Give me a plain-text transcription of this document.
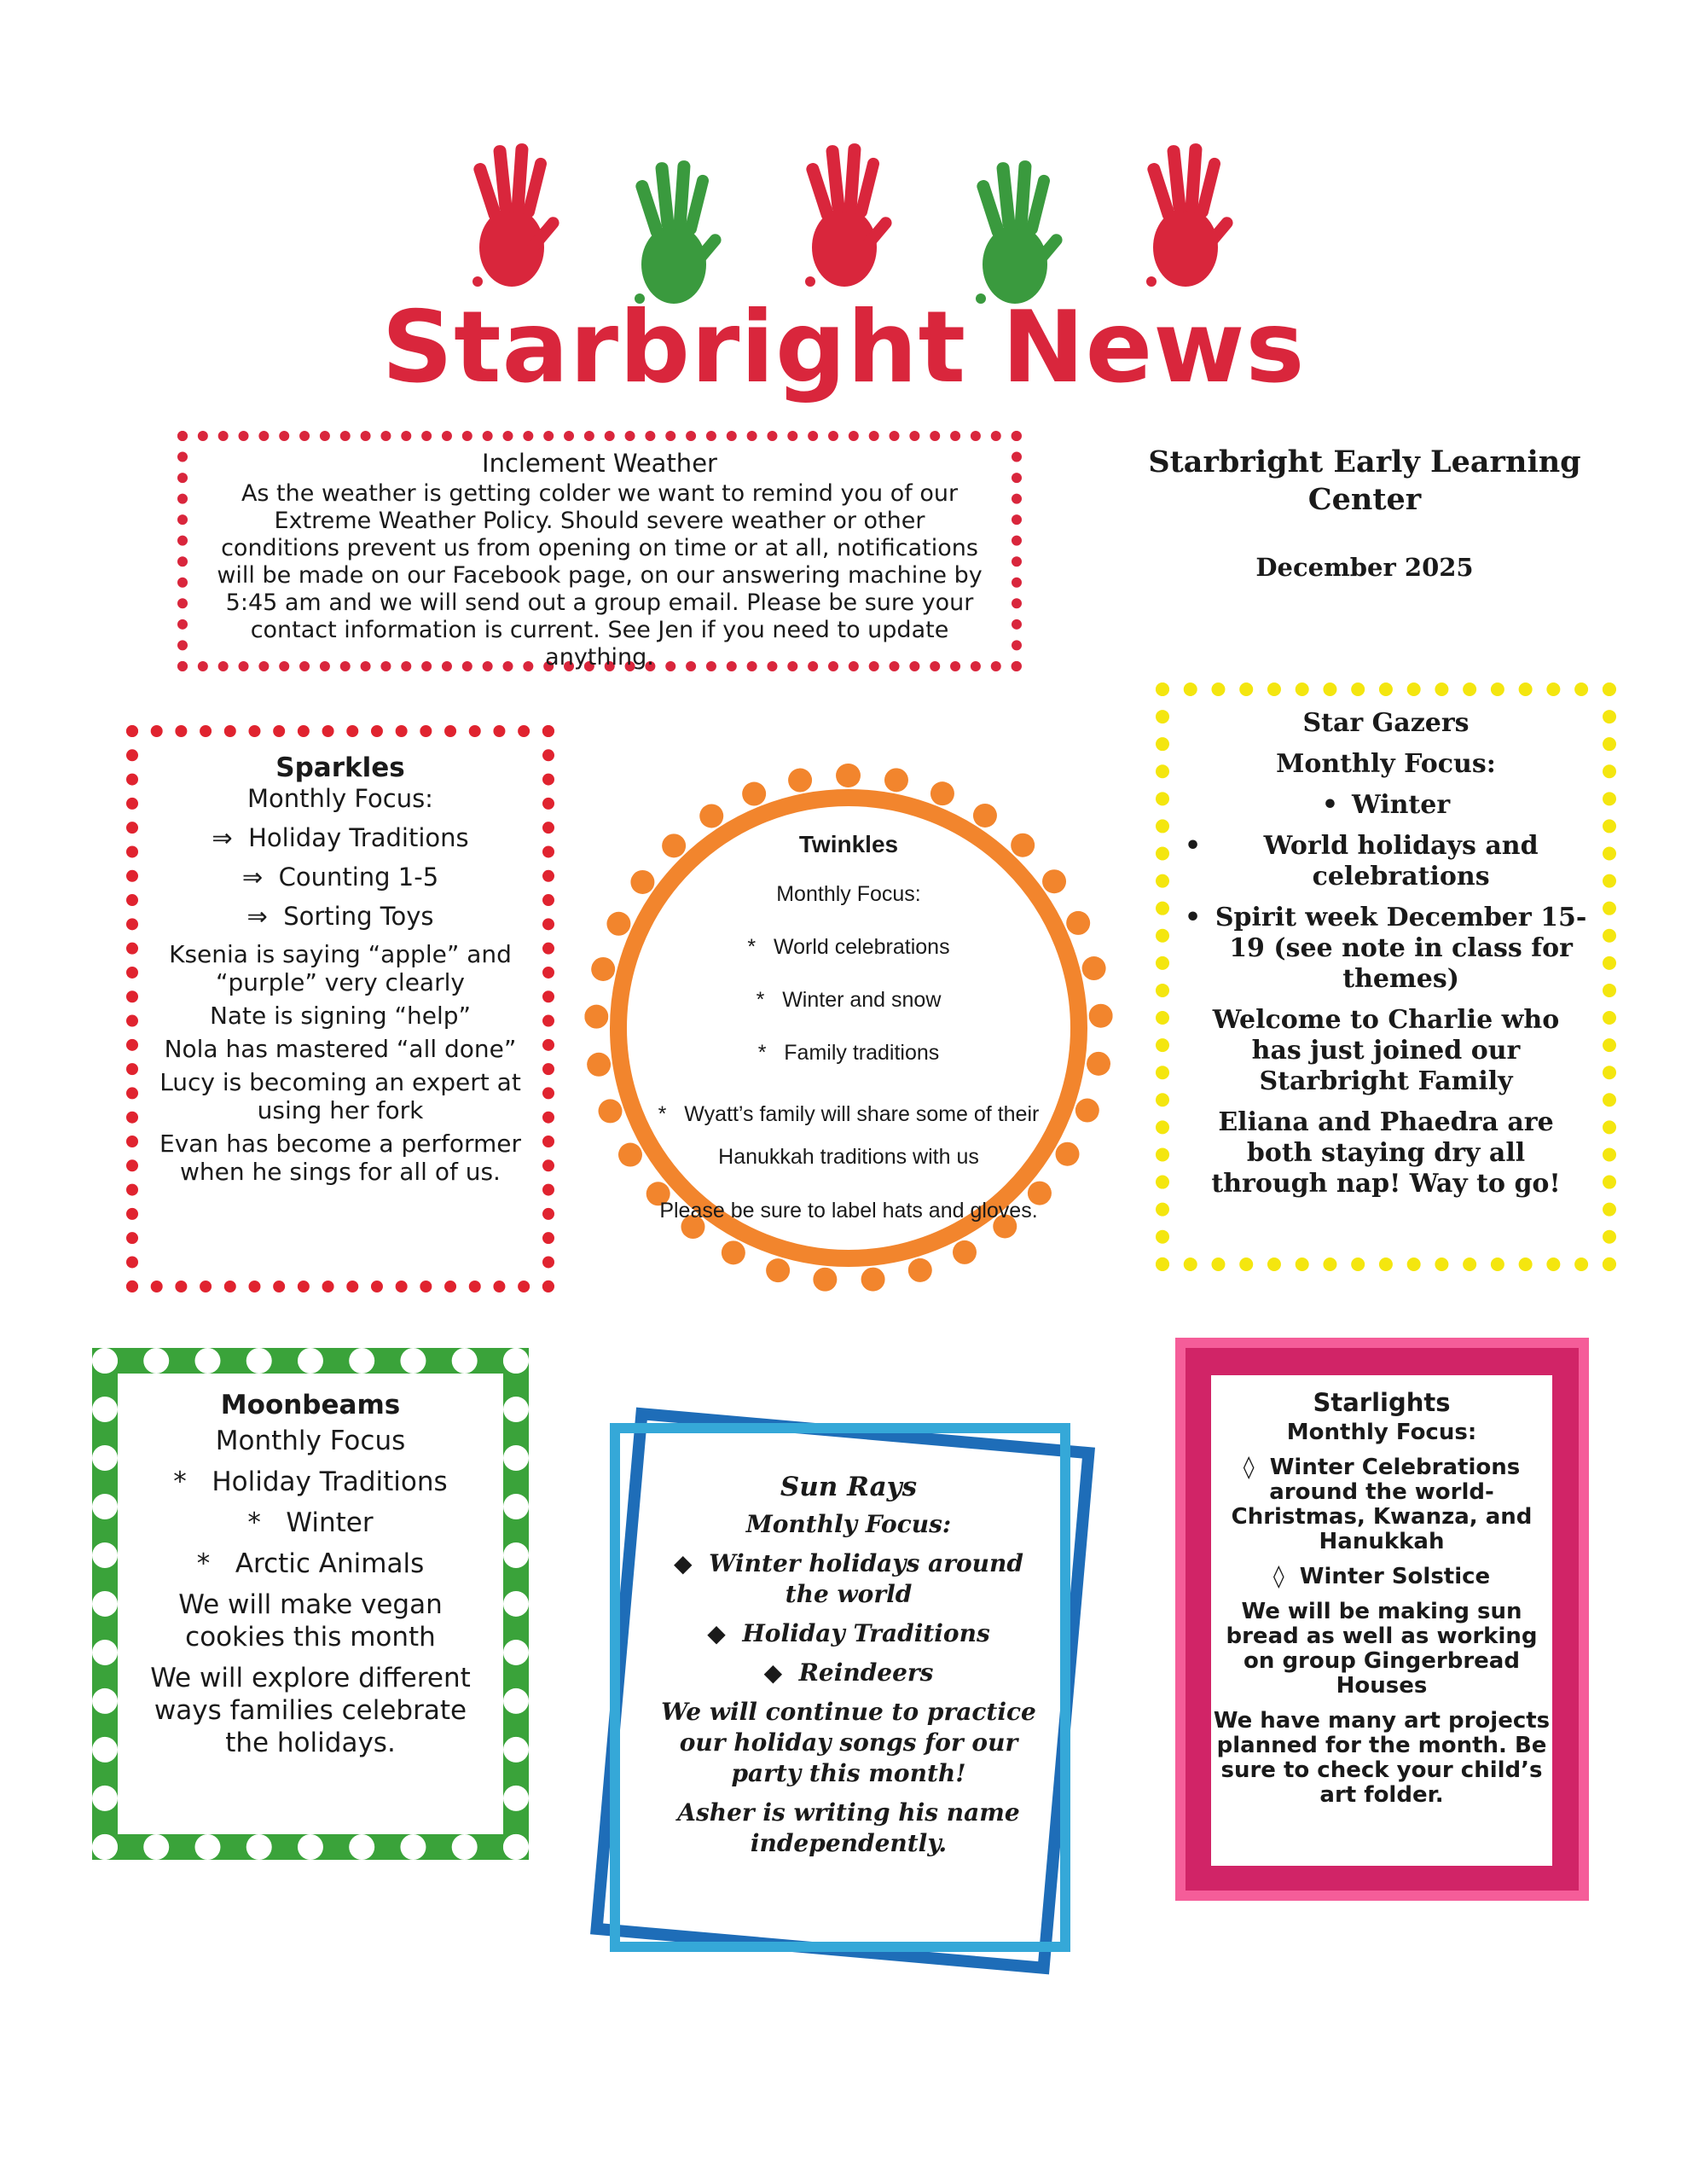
Starbright News
Inclement Weather

As the weather is getting colder we want to remind you of our Extreme Weather Policy. Should severe weather or other conditions prevent us from opening on time or at all, notifications will be made on our Facebook page, on our answering machine by 5:45 am and we will send out a group email. Please be sure your contact information is current. See Jen if you need to update anything.

Starbright Early Learning Center
December 2025
Sparkles
Monthly Focus:
⇒ Holiday Traditions
⇒ Counting 1-5
⇒ Sorting Toys
Ksenia is saying “apple” and “purple” very clearly
Nate is signing “help”
Nola has mastered “all done”
Lucy is becoming an expert at using her fork
Evan has become a performer when he sings for all of us.
Twinkles
Monthly Focus:
* World celebrations
* Winter and snow
* Family traditions
* Wyatt’s family will share some of their Hanukkah traditions with us
Please be sure to label hats and gloves.
Star Gazers
Monthly Focus:
• Winter
•	World holidays and celebrations
• Spirit week December 15-19 (see note in class for themes)
Welcome to Charlie who has just joined our Starbright Family
Eliana and Phaedra are both staying dry all through nap! Way to go!
Moonbeams
Monthly Focus
* Holiday Traditions
* Winter
* Arctic Animals
We will make vegan cookies this month
We will explore different ways families celebrate the holidays.
Sun Rays
Monthly Focus:
◆ Winter holidays around the world
◆ Holiday Traditions
◆ Reindeers
We will continue to practice our holiday songs for our party this month!
Asher is writing his name independently.
Starlights
Monthly Focus:
◊ Winter Celebrations around the world- Christmas, Kwanza, and Hanukkah
◊ Winter Solstice
We will be making sun bread as well as working on group Gingerbread Houses
We have many art projects planned for the month. Be sure to check your child’s art folder.
